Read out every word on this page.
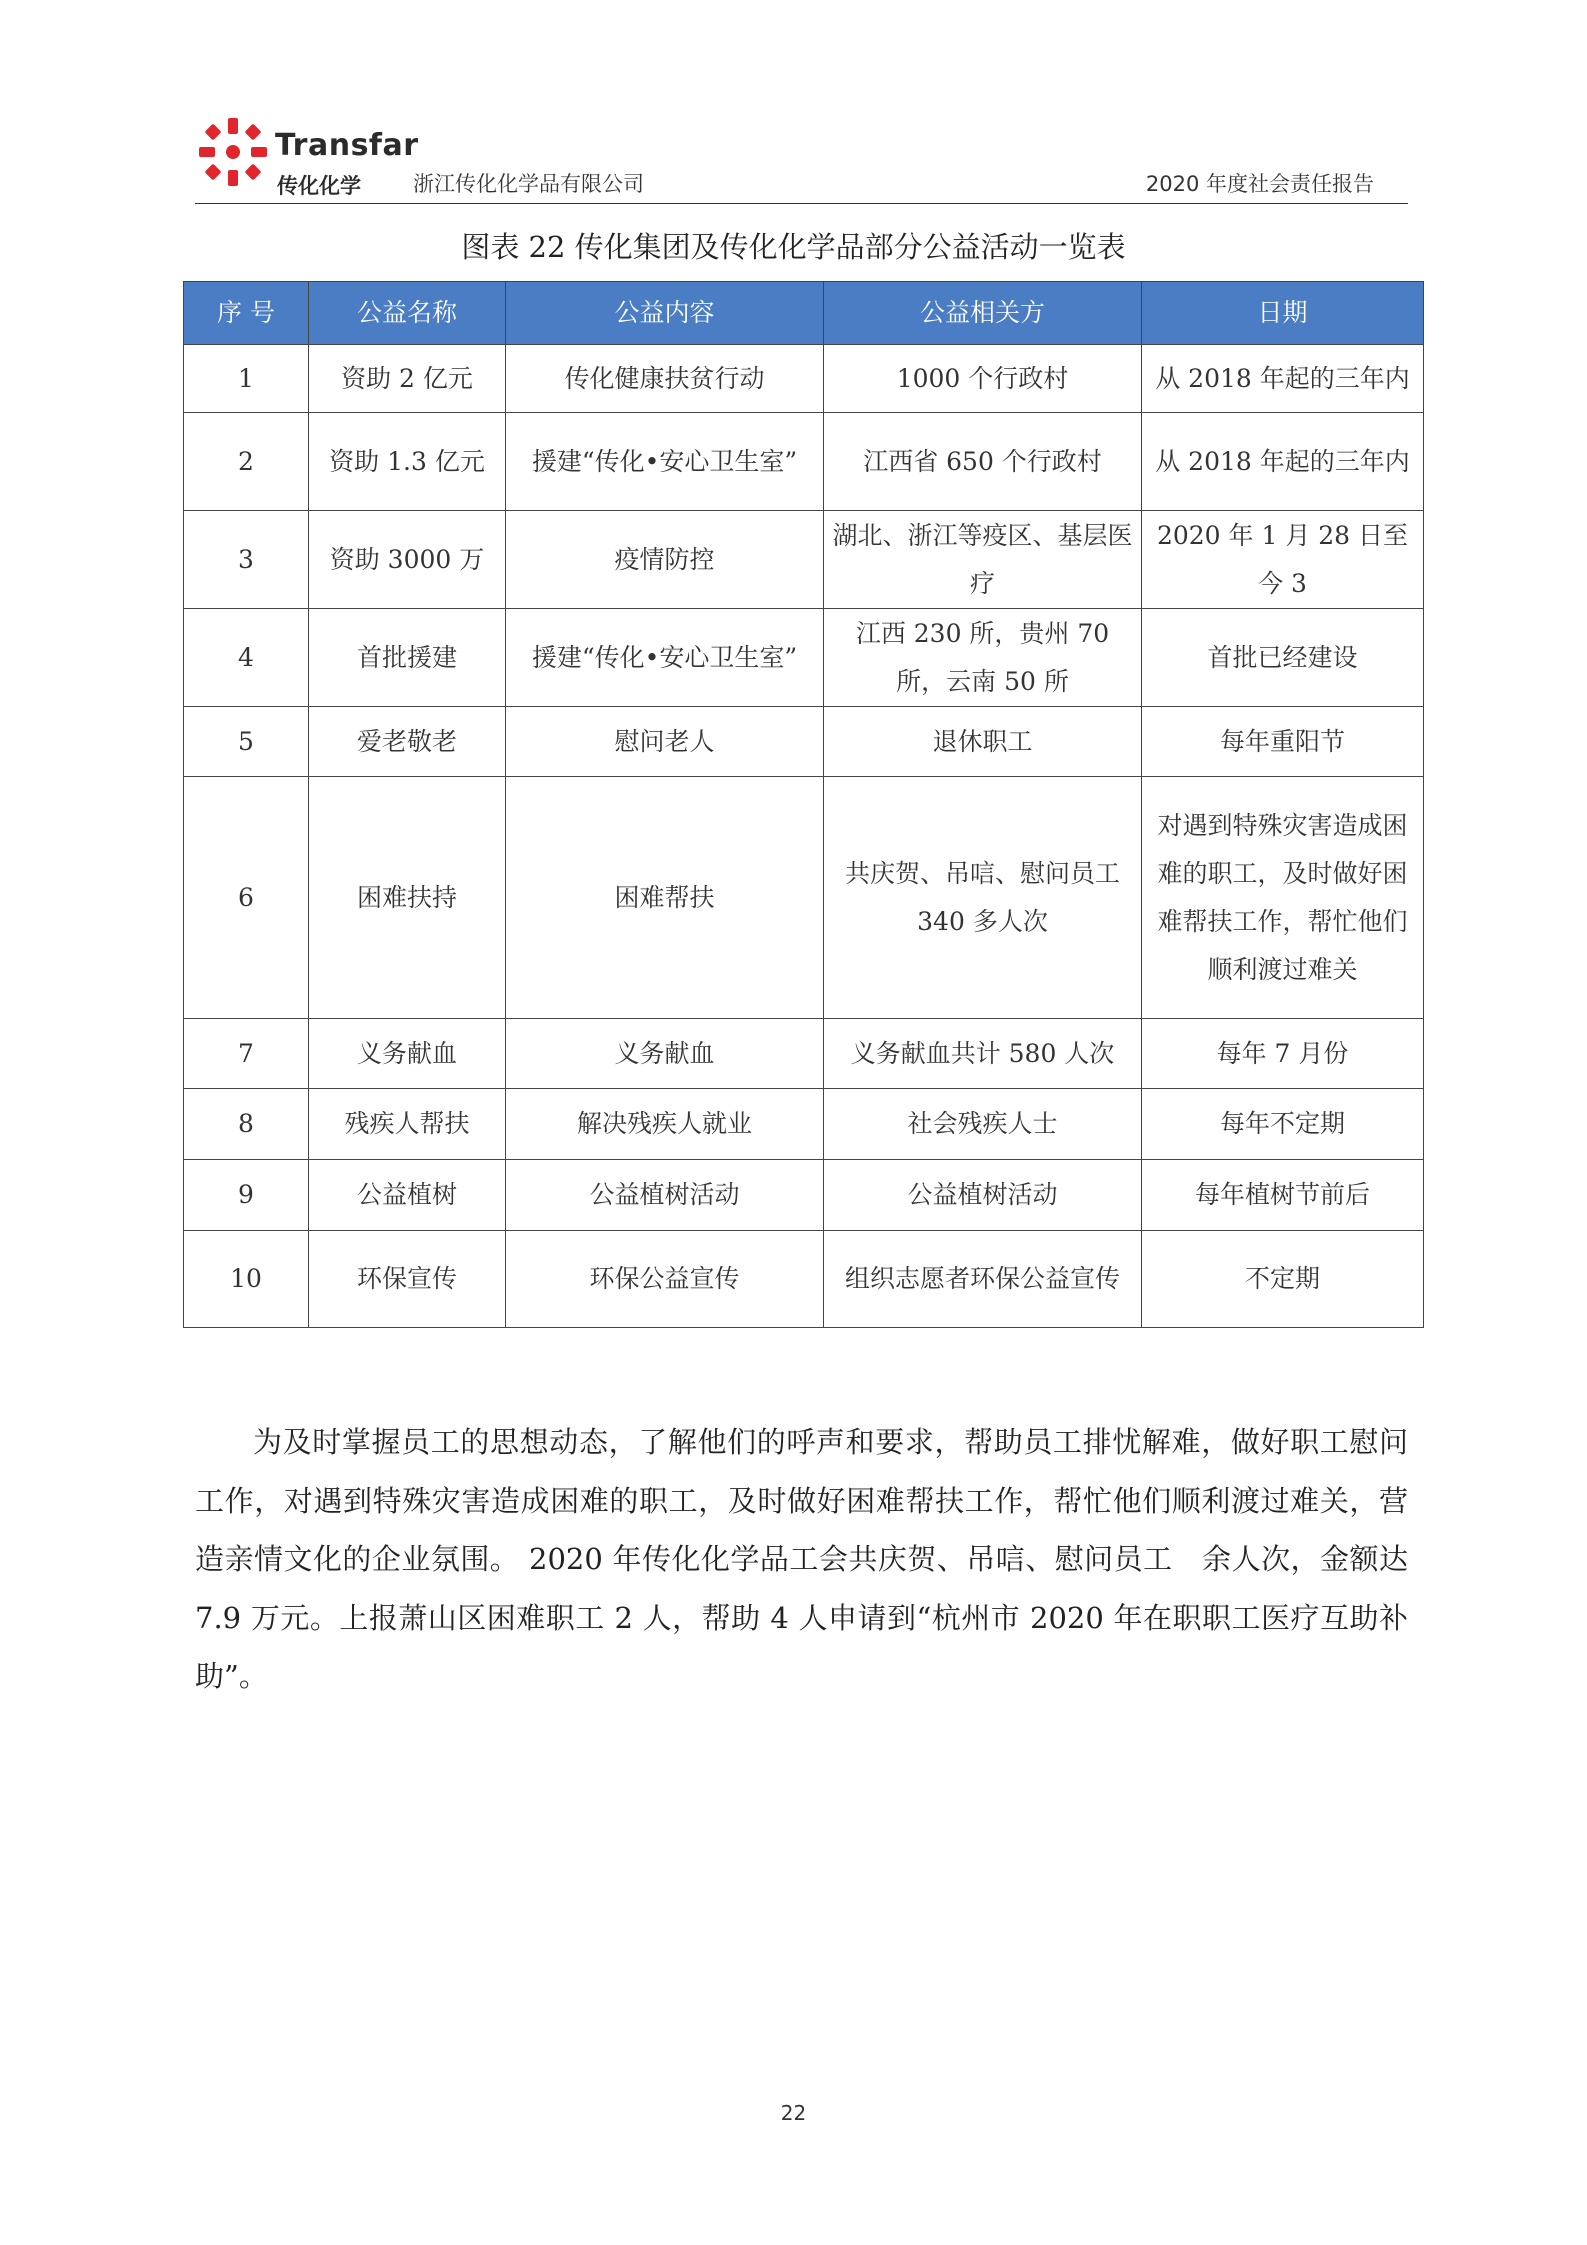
Transfar
传化化学 浙江传化化学品有限公司	2020 年度社会责任报告
图表 22 传化集团及传化化学品部分公益活动一览表
序 号	公益名称	公益内容	公益相关方	日期
1	资助 2 亿元	传化健康扶贫行动	1000 个行政村	从 2018 年起的三年内
2	资助 1.3 亿元	援建“传化•安心卫生室”	江西省 650 个行政村	从 2018 年起的三年内
3	资助 3000 万	疫情防控	湖北、浙江等疫区、基层医疗	2020 年 1 月 28 日至今 3
4	首批援建	援建“传化•安心卫生室”	江西 230 所，贵州 70 所，云南 50 所	首批已经建设
5	爱老敬老	慰问老人	退休职工	每年重阳节
6	困难扶持	困难帮扶	共庆贺、吊唁、慰问员工 340 多人次	对遇到特殊灾害造成困难的职工，及时做好困难帮扶工作，帮忙他们顺利渡过难关
7	义务献血	义务献血	义务献血共计 580 人次	每年 7 月份
8	残疾人帮扶	解决残疾人就业	社会残疾人士	每年不定期
9	公益植树	公益植树活动	公益植树活动	每年植树节前后
10	环保宣传	环保公益宣传	组织志愿者环保公益宣传	不定期

为及时掌握员工的思想动态，了解他们的呼声和要求，帮助员工排忧解难，做好职工慰问工作，对遇到特殊灾害造成困难的职工，及时做好困难帮扶工作，帮忙他们顺利渡过难关，营造亲情文化的企业氛围。 2020 年传化化学品工会共庆贺、吊唁、慰问员工　余人次，金额达 7.9 万元。上报萧山区困难职工 2 人，帮助 4 人申请到“杭州市 2020 年在职职工医疗互助补助”。

22
